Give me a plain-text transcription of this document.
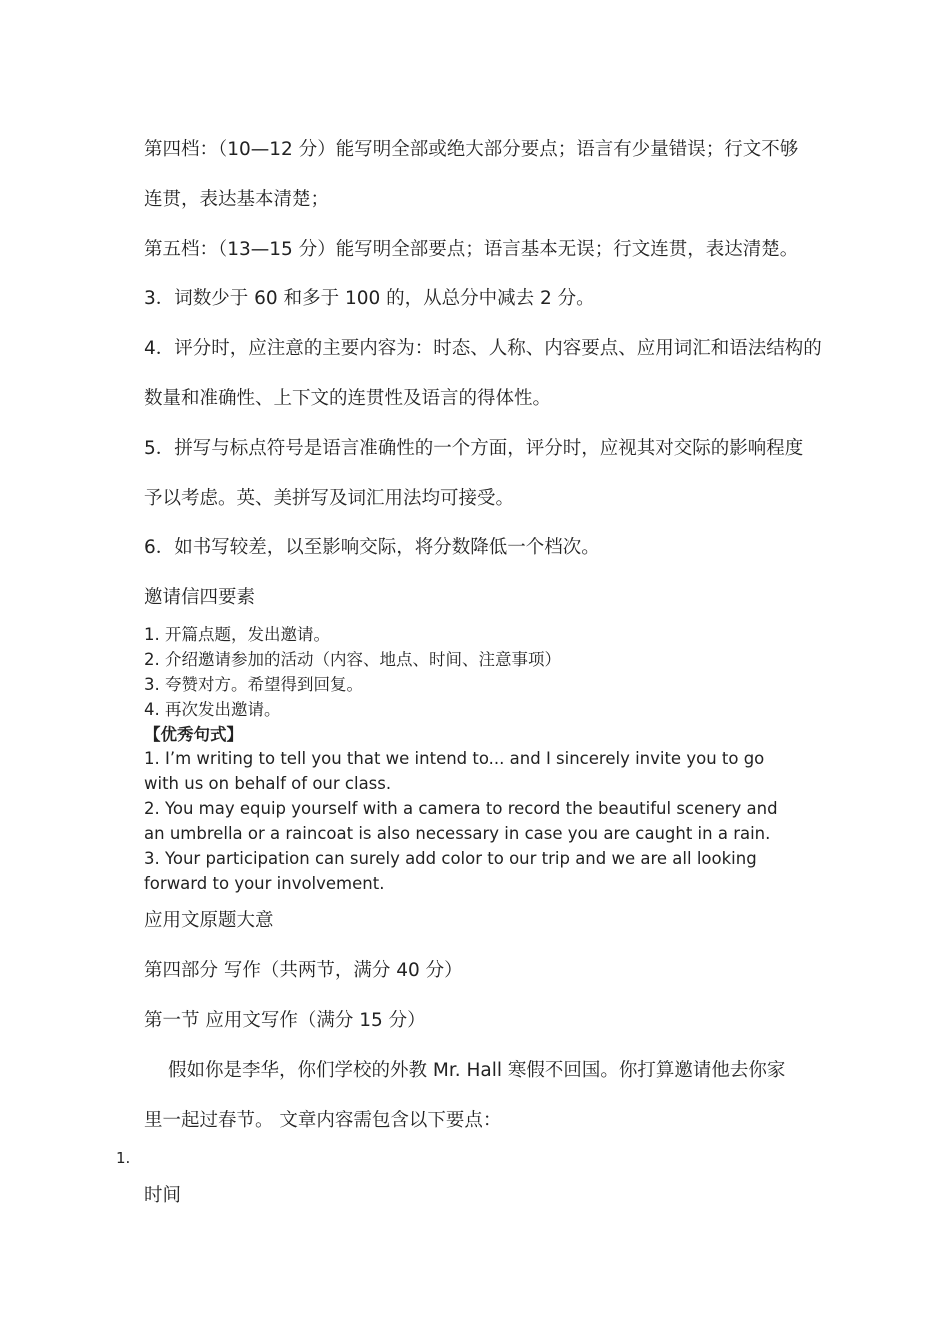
第四档：（10—12 分）能写明全部或绝大部分要点；语言有少量错误；行文不够

连贯，表达基本清楚；

第五档：（13—15 分）能写明全部要点；语言基本无误；行文连贯，表达清楚。

3．词数少于 60 和多于 100 的，从总分中减去 2 分。

4．评分时，应注意的主要内容为：时态、人称、内容要点、应用词汇和语法结构的

数量和准确性、上下文的连贯性及语言的得体性。

5．拼写与标点符号是语言准确性的一个方面，评分时，应视其对交际的影响程度

予以考虑。英、美拼写及词汇用法均可接受。

6．如书写较差，以至影响交际，将分数降低一个档次。

邀请信四要素

1. 开篇点题，发出邀请。

2. 介绍邀请参加的活动（内容、地点、时间、注意事项）

3. 夸赞对方。希望得到回复。

4. 再次发出邀请。

【优秀句式】

1. I’m writing to tell you that we intend to... and I sincerely invite you to go

with us on behalf of our class.

2. You may equip yourself with a camera to record the beautiful scenery and

an umbrella or a raincoat is also necessary in case you are caught in a rain.

3. Your participation can surely add color to our trip and we are all looking

forward to your involvement.

应用文原题大意

第四部分 写作（共两节，满分 40 分）

第一节 应用文写作（满分 15 分）

假如你是李华，你们学校的外教 Mr. Hall 寒假不回国。你打算邀请他去你家

里一起过春节。 文章内容需包含以下要点：

1.

时间
